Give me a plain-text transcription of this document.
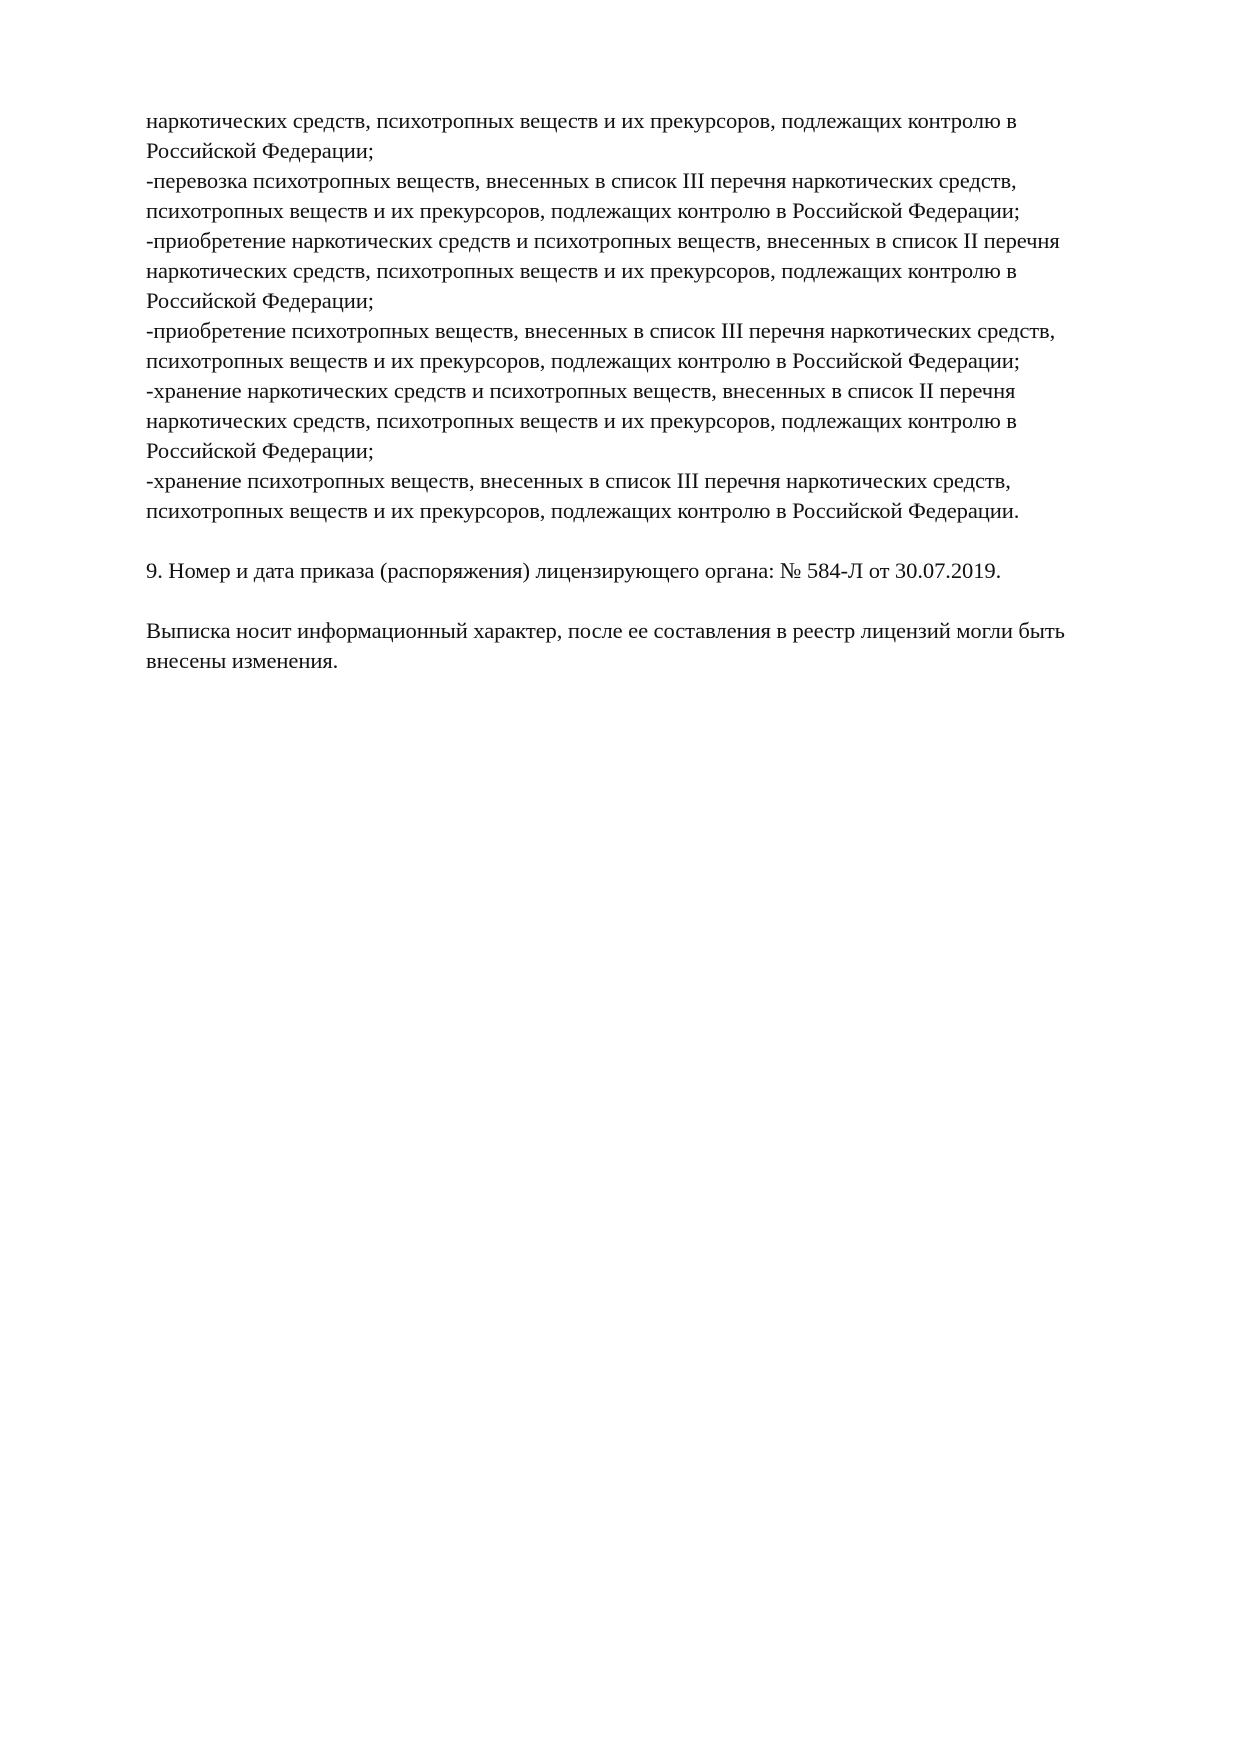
наркотических средств, психотропных веществ и их прекурсоров, подлежащих контролю в
Российской Федерации;
-перевозка психотропных веществ, внесенных в список III перечня наркотических средств,
психотропных веществ и их прекурсоров, подлежащих контролю в Российской Федерации;
-приобретение наркотических средств и психотропных веществ, внесенных в список II перечня
наркотических средств, психотропных веществ и их прекурсоров, подлежащих контролю в
Российской Федерации;
-приобретение психотропных веществ, внесенных в список III перечня наркотических средств,
психотропных веществ и их прекурсоров, подлежащих контролю в Российской Федерации;
-хранение наркотических средств и психотропных веществ, внесенных в список II перечня
наркотических средств, психотропных веществ и их прекурсоров, подлежащих контролю в
Российской Федерации;
-хранение психотропных веществ, внесенных в список III перечня наркотических средств,
психотропных веществ и их прекурсоров, подлежащих контролю в Российской Федерации.
9. Номер и дата приказа (распоряжения) лицензирующего органа: № 584-Л от 30.07.2019.
Выписка носит информационный характер, после ее составления в реестр лицензий могли быть
внесены изменения.
